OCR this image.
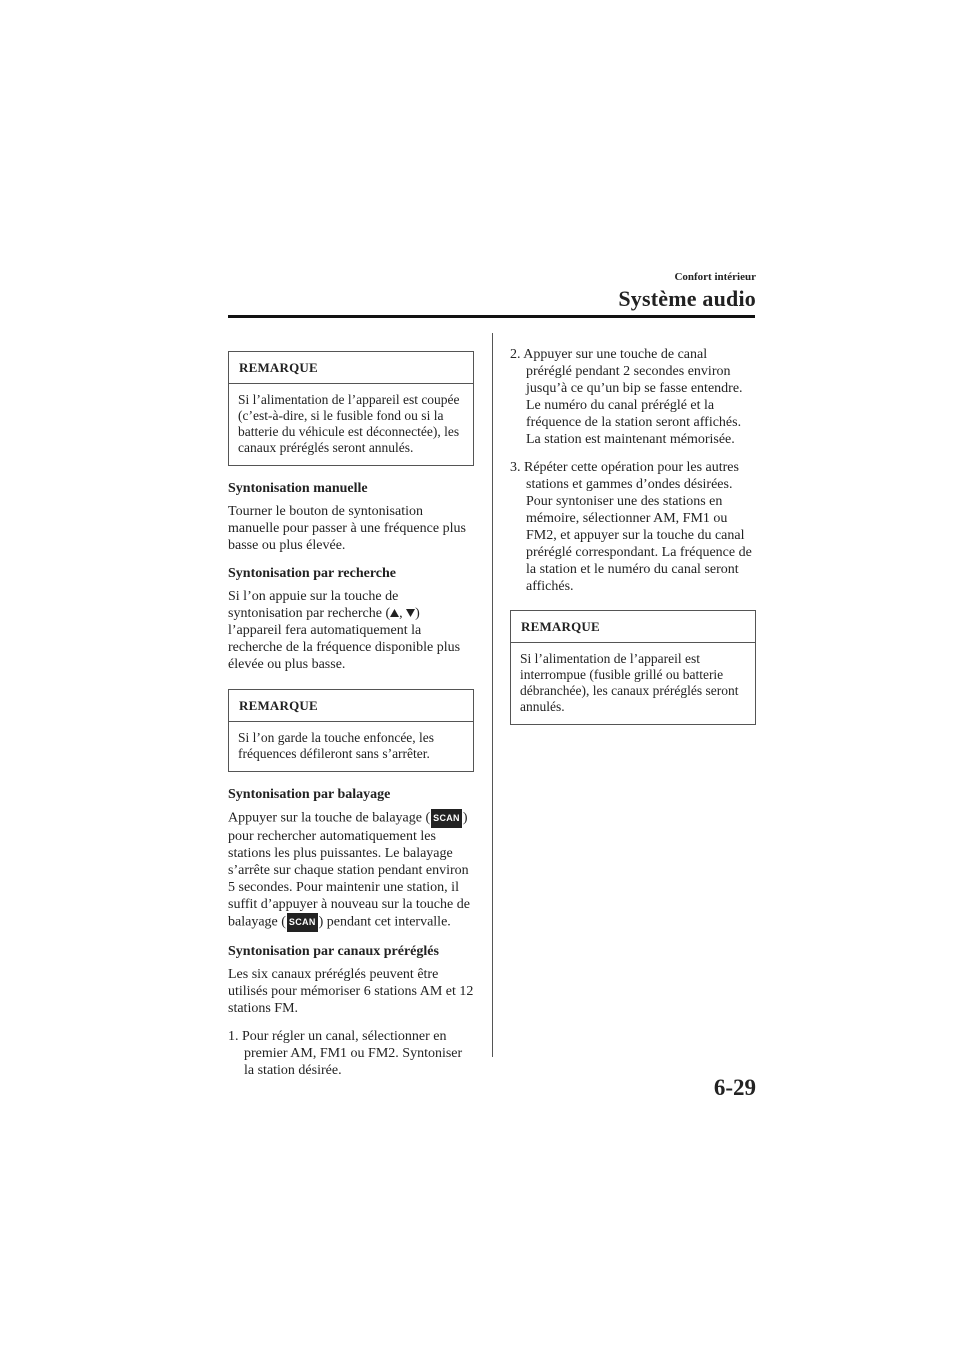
Confort intérieur
Système audio
REMARQUE
Si l’alimentation de l’appareil est coupée (c’est-à-dire, si le fusible fond ou si la batterie du véhicule est déconnectée), les canaux préréglés seront annulés.
Syntonisation manuelle

Tourner le bouton de syntonisation manuelle pour passer à une fréquence plus basse ou plus élevée.

Syntonisation par recherche

Si l’on appuie sur la touche de syntonisation par recherche ( , ) l’appareil fera automatiquement la recherche de la fréquence disponible plus élevée ou plus basse.

REMARQUE
Si l’on garde la touche enfoncée, les fréquences défileront sans s’arrêter.
Syntonisation par balayage

Appuyer sur la touche de balayage ( SCAN ) pour rechercher automatiquement les stations les plus puissantes. Le balayage s’arrête sur chaque station pendant environ 5 secondes. Pour maintenir une station, il suffit d’appuyer à nouveau sur la touche de balayage ( SCAN ) pendant cet intervalle.

Syntonisation par canaux préréglés

Les six canaux préréglés peuvent être utilisés pour mémoriser 6 stations AM et 12 stations FM.

1. Pour régler un canal, sélectionner en premier AM, FM1 ou FM2. Syntoniser la station désirée.
2. Appuyer sur une touche de canal préréglé pendant 2 secondes environ jusqu’à ce qu’un bip se fasse entendre. Le numéro du canal préréglé et la fréquence de la station seront affichés. La station est maintenant mémorisée.
3. Répéter cette opération pour les autres stations et gammes d’ondes désirées. Pour syntoniser une des stations en mémoire, sélectionner AM, FM1 ou FM2, et appuyer sur la touche du canal préréglé correspondant. La fréquence de la station et le numéro du canal seront affichés.
REMARQUE
Si l’alimentation de l’appareil est interrompue (fusible grillé ou batterie débranchée), les canaux préréglés seront annulés.
6-29
